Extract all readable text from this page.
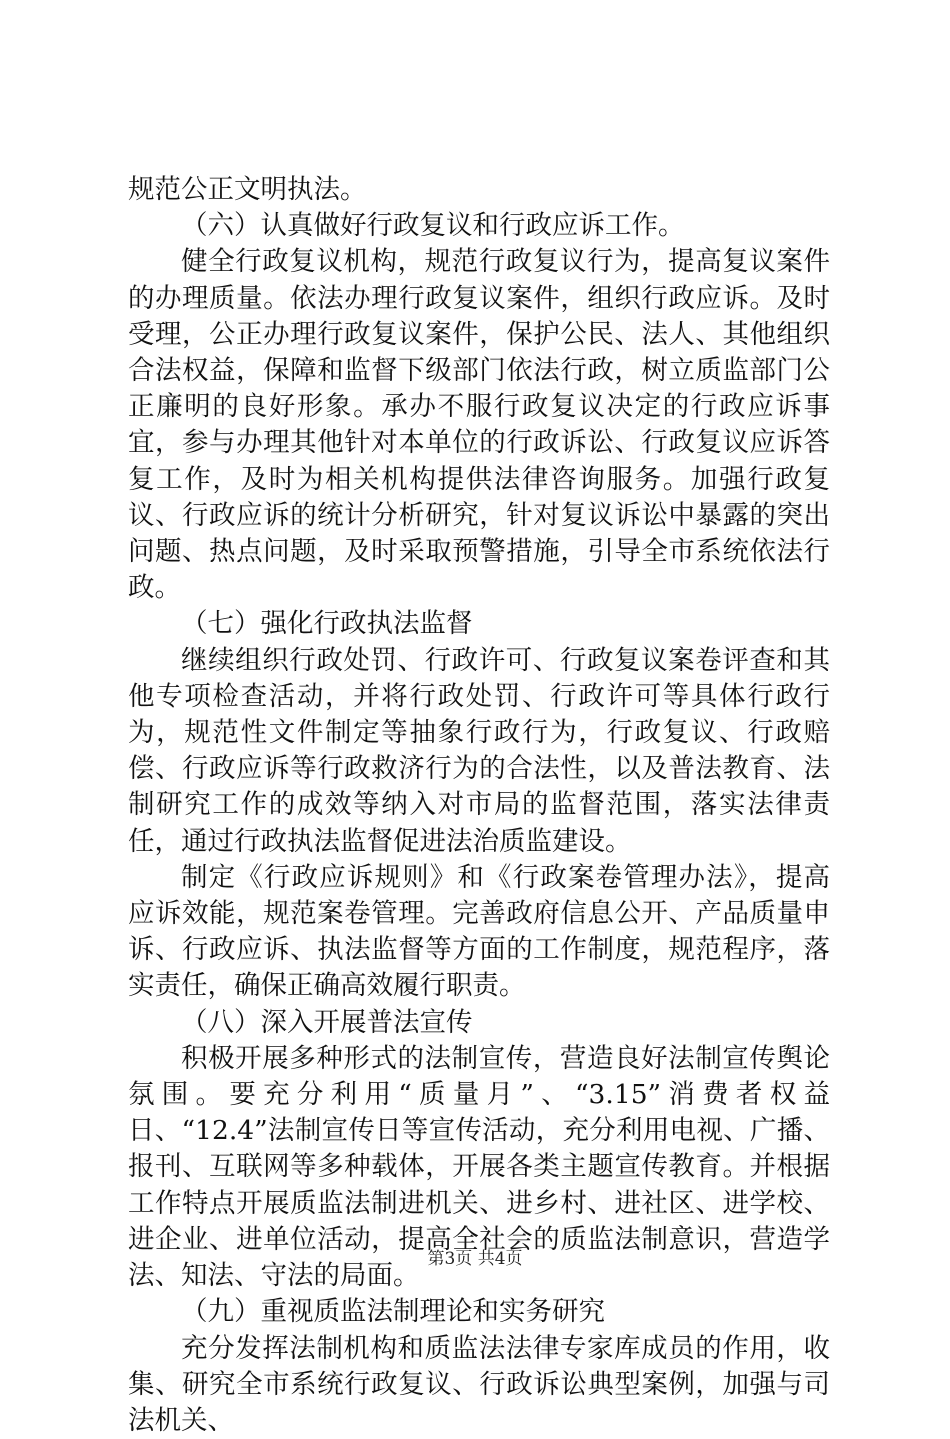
规范公正文明执法。

（六）认真做好行政复议和行政应诉工作。

健全行政复议机构，规范行政复议行为，提高复议案件的办理质量。依法办理行政复议案件，组织行政应诉。及时受理，公正办理行政复议案件，保护公民、法人、其他组织合法权益，保障和监督下级部门依法行政，树立质监部门公正廉明的良好形象。承办不服行政复议决定的行政应诉事宜，参与办理其他针对本单位的行政诉讼、行政复议应诉答复工作，及时为相关机构提供法律咨询服务。加强行政复议、行政应诉的统计分析研究，针对复议诉讼中暴露的突出问题、热点问题，及时采取预警措施，引导全市系统依法行政。

（七）强化行政执法监督

继续组织行政处罚、行政许可、行政复议案卷评查和其他专项检查活动，并将行政处罚、行政许可等具体行政行为，规范性文件制定等抽象行政行为，行政复议、行政赔偿、行政应诉等行政救济行为的合法性，以及普法教育、法制研究工作的成效等纳入对市局的监督范围，落实法律责任，通过行政执法监督促进法治质监建设。

制定《行政应诉规则》和《行政案卷管理办法》，提高应诉效能，规范案卷管理。完善政府信息公开、产品质量申诉、行政应诉、执法监督等方面的工作制度，规范程序，落实责任，确保正确高效履行职责。

（八）深入开展普法宣传

积极开展多种形式的法制宣传，营造良好法制宣传舆论氛围。要充分利用“质量月”、“3.15”消费者权益日、“12.4”法制宣传日等宣传活动，充分利用电视、广播、报刊、互联网等多种载体，开展各类主题宣传教育。并根据工作特点开展质监法制进机关、进乡村、进社区、进学校、进企业、进单位活动，提高全社会的质监法制意识，营造学法、知法、守法的局面。

（九）重视质监法制理论和实务研究

充分发挥法制机构和质监法法律专家库成员的作用，收集、研究全市系统行政复议、行政诉讼典型案例，加强与司法机关、

第3页 共4页
